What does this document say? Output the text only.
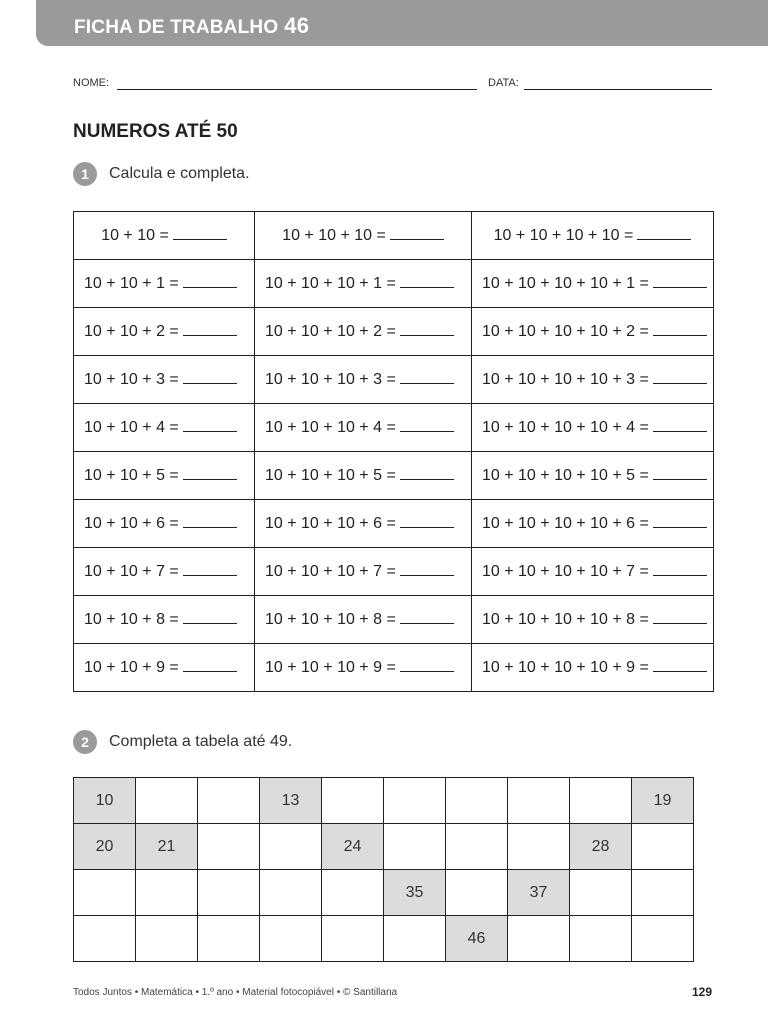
FICHA DE TRABALHO 46
NOME:	DATA:
NUMEROS ATÉ 50
1	Calcula e completa.
10 + 10 =	10 + 10 + 10 =	10 + 10 + 10 + 10 =
10 + 10 + 1 =	10 + 10 + 10 + 1 =	10 + 10 + 10 + 10 + 1 =
10 + 10 + 2 =	10 + 10 + 10 + 2 =	10 + 10 + 10 + 10 + 2 =
10 + 10 + 3 =	10 + 10 + 10 + 3 =	10 + 10 + 10 + 10 + 3 =
10 + 10 + 4 =	10 + 10 + 10 + 4 =	10 + 10 + 10 + 10 + 4 =
10 + 10 + 5 =	10 + 10 + 10 + 5 =	10 + 10 + 10 + 10 + 5 =
10 + 10 + 6 =	10 + 10 + 10 + 6 =	10 + 10 + 10 + 10 + 6 =
10 + 10 + 7 =	10 + 10 + 10 + 7 =	10 + 10 + 10 + 10 + 7 =
10 + 10 + 8 =	10 + 10 + 10 + 8 =	10 + 10 + 10 + 10 + 8 =
10 + 10 + 9 =	10 + 10 + 10 + 9 =	10 + 10 + 10 + 10 + 9 =
2	Completa a tabela até 49.
10			13						19
20	21			24				28	
					35		37		
						46			
Todos Juntos • Matemática • 1.º ano • Material fotocopiável • © Santillana	129
